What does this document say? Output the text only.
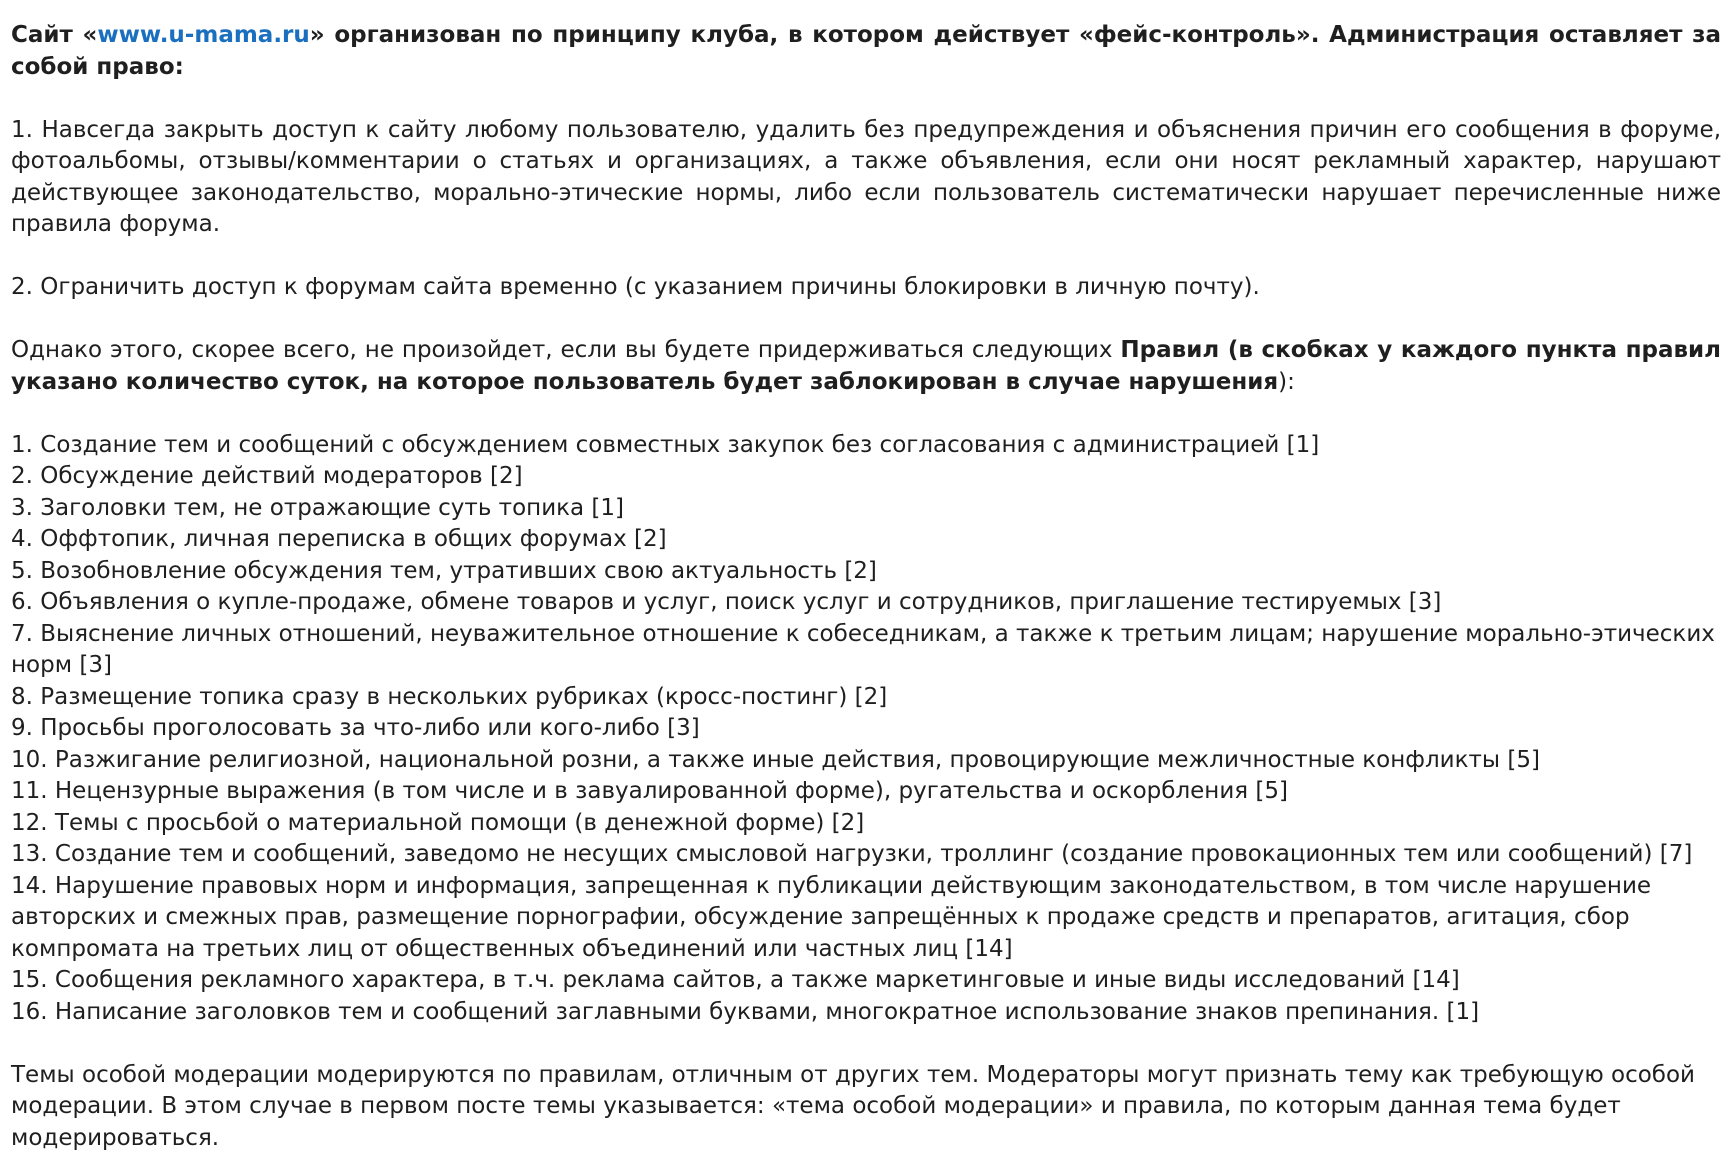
Сайт «www.u-mama.ru» организован по принципу клуба, в котором действует «фейс-контроль». Администрация оставляет за собой право:

1. Навсегда закрыть доступ к сайту любому пользователю, удалить без предупреждения и объяснения причин его сообщения в форуме, фотоальбомы, отзывы/комментарии о статьях и организациях, а также объявления, если они носят рекламный характер, нарушают действующее законодательство, морально-этические нормы, либо если пользователь систематически нарушает перечисленные ниже правила форума.

2. Ограничить доступ к форумам сайта временно (с указанием причины блокировки в личную почту).

Однако этого, скорее всего, не произойдет, если вы будете придерживаться следующих Правил (в скобках у каждого пункта правил указано количество суток, на которое пользователь будет заблокирован в случае нарушения):

1. Создание тем и сообщений с обсуждением совместных закупок без согласования с администрацией [1]
2. Обсуждение действий модераторов [2]
3. Заголовки тем, не отражающие суть топика [1]
4. Оффтопик, личная переписка в общих форумах [2]
5. Возобновление обсуждения тем, утративших свою актуальность [2]
6. Объявления о купле-продаже, обмене товаров и услуг, поиск услуг и сотрудников, приглашение тестируемых [3]
7. Выяснение личных отношений, неуважительное отношение к собеседникам, а также к третьим лицам; нарушение морально-этических норм [3]
8. Размещение топика сразу в нескольких рубриках (кросс-постинг) [2]
9. Просьбы проголосовать за что-либо или кого-либо [3]
10. Разжигание религиозной, национальной розни, а также иные действия, провоцирующие межличностные конфликты [5]
11. Нецензурные выражения (в том числе и в завуалированной форме), ругательства и оскорбления [5]
12. Темы с просьбой о материальной помощи (в денежной форме) [2]
13. Создание тем и сообщений, заведомо не несущих смысловой нагрузки, троллинг (создание провокационных тем или сообщений) [7]
14. Нарушение правовых норм и информация, запрещенная к публикации действующим законодательством, в том числе нарушение авторских и смежных прав, размещение порнографии, обсуждение запрещённых к продаже средств и препаратов, агитация, сбор компромата на третьих лиц от общественных объединений или частных лиц [14]
15. Сообщения рекламного характера, в т.ч. реклама сайтов, а также маркетинговые и иные виды исследований [14]
16. Написание заголовков тем и сообщений заглавными буквами, многократное использование знаков препинания. [1]

Темы особой модерации модерируются по правилам, отличным от других тем. Модераторы могут признать тему как требующую особой модерации. В этом случае в первом посте темы указывается: «тема особой модерации» и правила, по которым данная тема будет модерироваться.
